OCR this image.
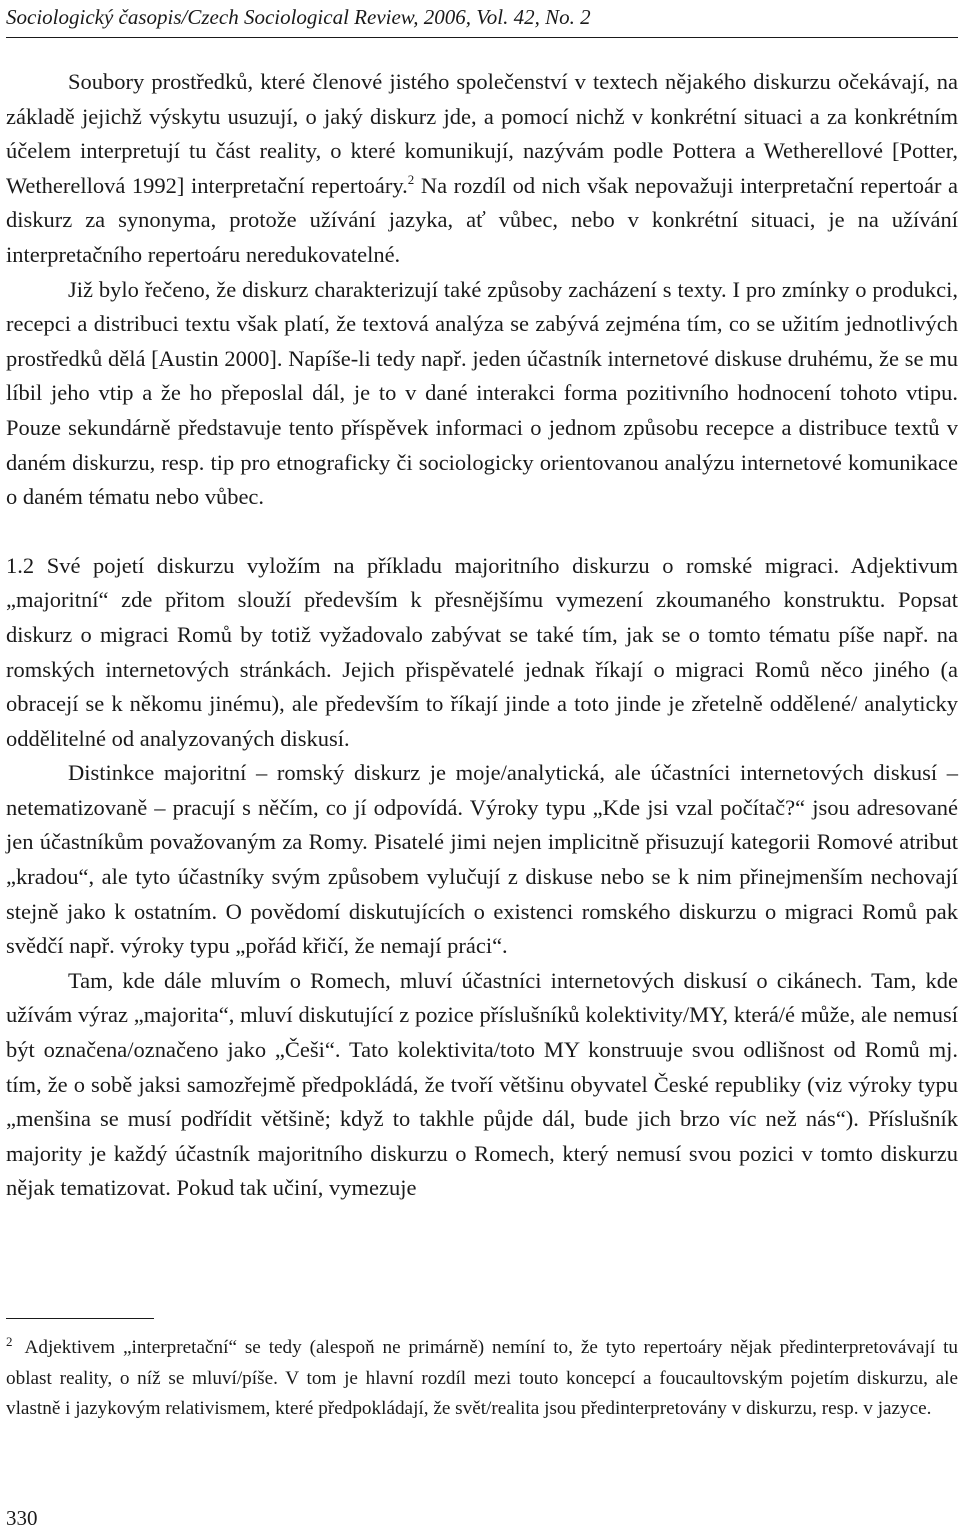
Sociologický časopis/Czech Sociological Review, 2006, Vol. 42, No. 2

Soubory prostředků, které členové jistého společenství v textech nějakého diskurzu očekávají, na základě jejichž výskytu usuzují, o jaký diskurz jde, a pomocí nichž v konkrétní situaci a za konkrétním účelem interpretují tu část reality, o které komunikují, nazývám podle Pottera a Wetherellové [Potter, Wetherellová 1992] interpretační repertoáry.$^2$ Na rozdíl od nich však nepovažuji interpretační repertoár a diskurz za synonyma, protože užívání jazyka, ať vůbec, nebo v konkrétní situaci, je na užívání interpretačního repertoáru neredukovatelné.

Již bylo řečeno, že diskurz charakterizují také způsoby zacházení s texty. I pro zmínky o produkci, recepci a distribuci textu však platí, že textová analýza se zabývá zejména tím, co se užitím jednotlivých prostředků dělá [Austin 2000]. Napíše-li tedy např. jeden účastník internetové diskuse druhému, že se mu líbil jeho vtip a že ho přeposlal dál, je to v dané interakci forma pozitivního hodnocení tohoto vtipu. Pouze sekundárně představuje tento příspěvek informaci o jednom způsobu recepce a distribuce textů v daném diskurzu, resp. tip pro etnograficky či sociologicky orientovanou analýzu internetové komunikace o daném tématu nebo vůbec.

1.2 Své pojetí diskurzu vyložím na příkladu majoritního diskurzu o romské migraci. Adjektivum „majoritní“ zde přitom slouží především k přesnějšímu vymezení zkoumaného konstruktu. Popsat diskurz o migraci Romů by totiž vyžadovalo zabývat se také tím, jak se o tomto tématu píše např. na romských internetových stránkách. Jejich přispěvatelé jednak říkají o migraci Romů něco jiného (a obracejí se k někomu jinému), ale především to říkají jinde a toto jinde je zřetelně oddělené/ analyticky oddělitelné od analyzovaných diskusí.

Distinkce majoritní – romský diskurz je moje/analytická, ale účastníci internetových diskusí – netematizovaně – pracují s něčím, co jí odpovídá. Výroky typu „Kde jsi vzal počítač?“ jsou adresované jen účastníkům považovaným za Romy. Pisatelé jimi nejen implicitně přisuzují kategorii Romové atribut „kradou“, ale tyto účastníky svým způsobem vylučují z diskuse nebo se k nim přinejmenším nechovají stejně jako k ostatním. O povědomí diskutujících o existenci romského diskurzu o migraci Romů pak svědčí např. výroky typu „pořád křičí, že nemají práci“.

Tam, kde dále mluvím o Romech, mluví účastníci internetových diskusí o cikánech. Tam, kde užívám výraz „majorita“, mluví diskutující z pozice příslušníků kolektivity/MY, která/é může, ale nemusí být označena/označeno jako „Češi“. Tato kolektivita/toto MY konstruuje svou odlišnost od Romů mj. tím, že o sobě jaksi samozřejmě předpokládá, že tvoří většinu obyvatel České republiky (viz výroky typu „menšina se musí podřídit většině; když to takhle půjde dál, bude jich brzo víc než nás“). Příslušník majority je každý účastník majoritního diskurzu o Romech, který nemusí svou pozici v tomto diskurzu nějak tematizovat. Pokud tak učiní, vymezuje

2 Adjektivem „interpretační“ se tedy (alespoň ne primárně) nemíní to, že tyto repertoáry nějak předinterpretovávají tu oblast reality, o níž se mluví/píše. V tom je hlavní rozdíl mezi touto koncepcí a foucaultovským pojetím diskurzu, ale vlastně i jazykovým relativismem, které předpokládají, že svět/realita jsou předinterpretovány v diskurzu, resp. v jazyce.
330
